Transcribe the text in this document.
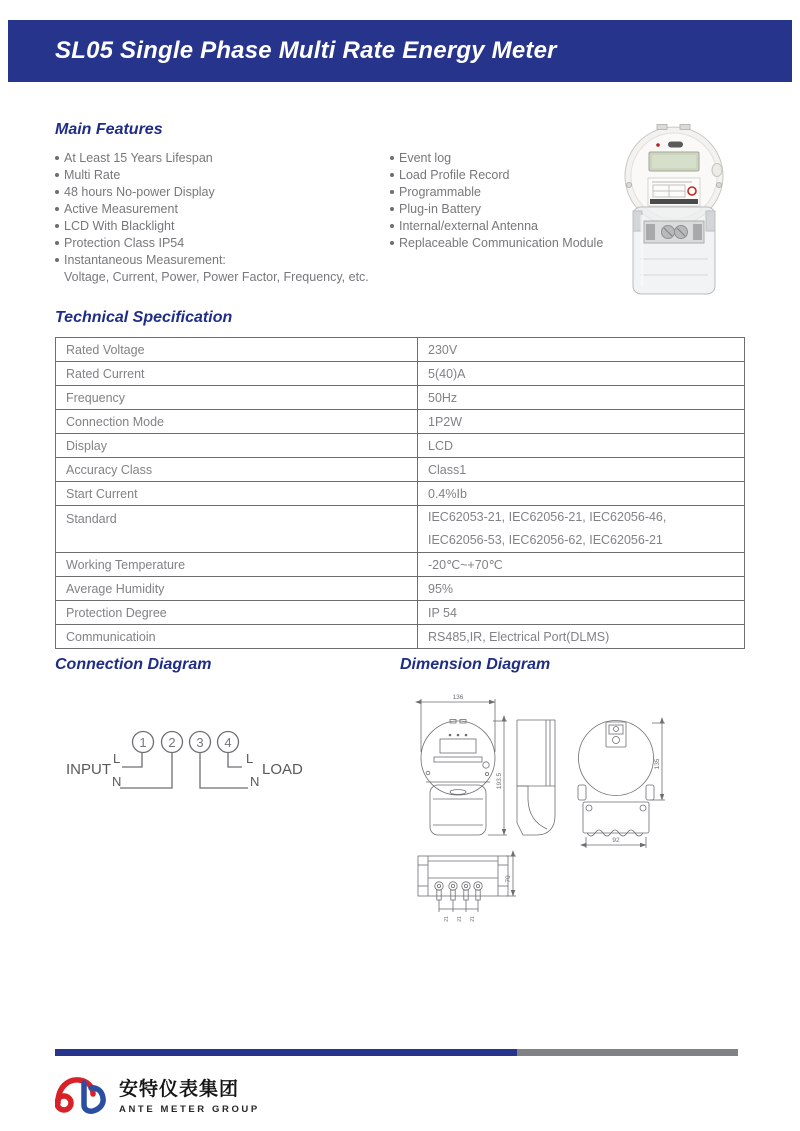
SL05 Single Phase Multi Rate Energy Meter
Main Features
At Least 15 Years Lifespan
Multi Rate
48 hours No-power Display
Active Measurement
LCD With Blacklight
Protection Class IP54
Instantaneous Measurement:
Voltage, Current, Power, Power Factor, Frequency, etc.
Event log
Load Profile Record
Programmable
Plug-in Battery
Internal/external Antenna
Replaceable Communication Module
Technical Specification
Rated Voltage	230V
Rated Current	5(40)A
Frequency	50Hz
Connection Mode	1P2W
Display	LCD
Accuracy Class	Class1
Start Current	0.4%Ib
Standard	IEC62053-21, IEC62056-21, IEC62056-46,
IEC62056-53, IEC62056-62, IEC62056-21

Working Temperature	-20℃~+70℃
Average Humidity	95%
Protection Degree	IP 54
Communicatioin	RS485,IR, Electrical Port(DLMS)
Connection Diagram	Dimension Diagram
1 2 3 4
INPUT	LOAD
L
N
L
N
136
193.5
135
92
70
21 21 21
安特仪表集团
ANTE METER GROUP
